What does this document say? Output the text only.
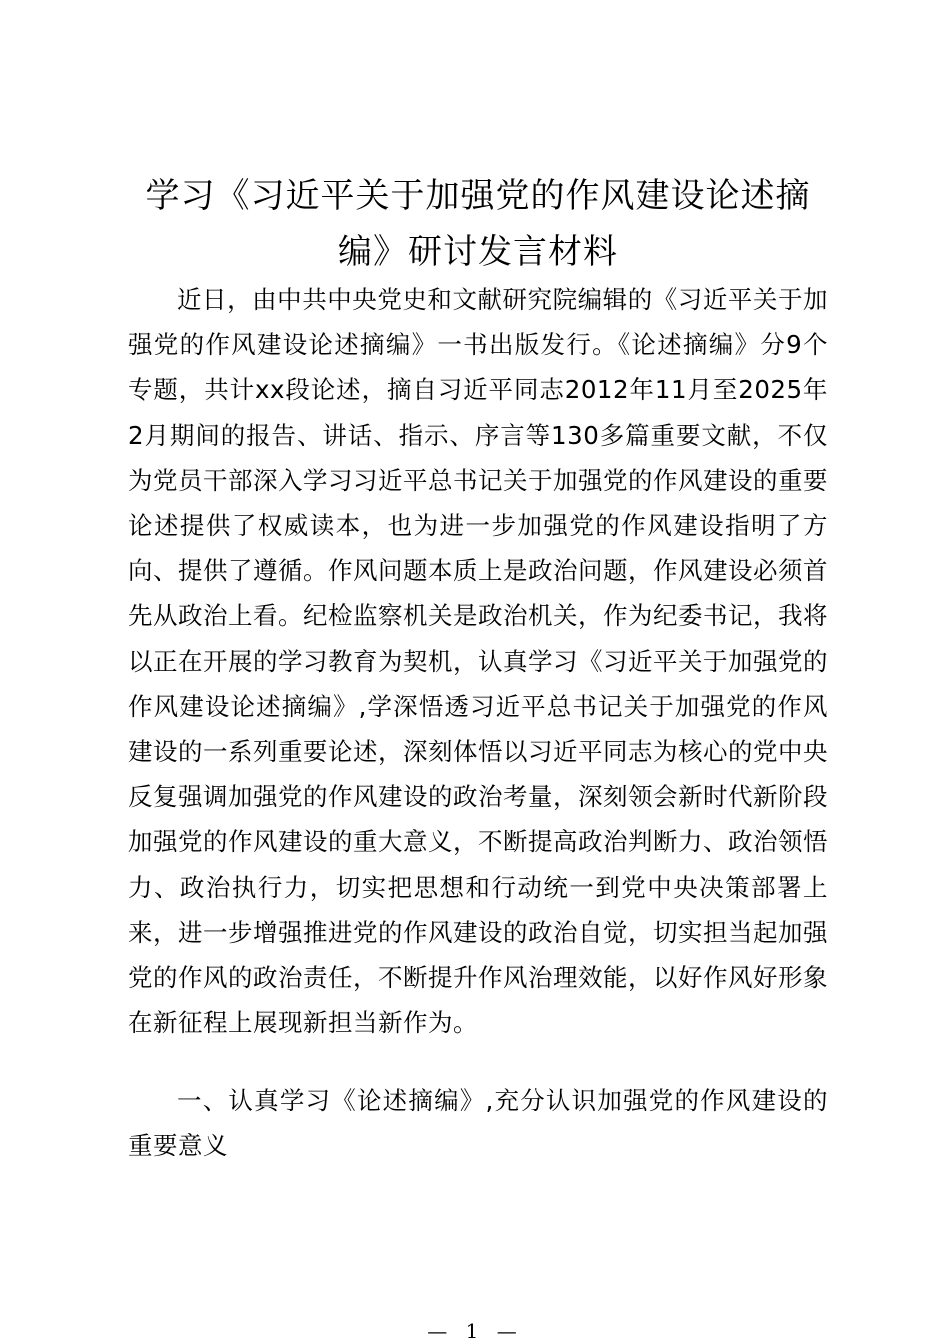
学习《习近平关于加强党的作风建设论述摘编》研讨发言材料

近日，由中共中央党史和文献研究院编辑的《习近平关于加强党的作风建设论述摘编》一书出版发行。《论述摘编》分9个专题，共计xx段论述，摘自习近平同志2012年11月至2025年2月期间的报告、讲话、指示、序言等130多篇重要文献，不仅为党员干部深入学习习近平总书记关于加强党的作风建设的重要论述提供了权威读本，也为进一步加强党的作风建设指明了方向、提供了遵循。作风问题本质上是政治问题，作风建设必须首先从政治上看。纪检监察机关是政治机关，作为纪委书记，我将以正在开展的学习教育为契机，认真学习《习近平关于加强党的作风建设论述摘编》,学深悟透习近平总书记关于加强党的作风建设的一系列重要论述，深刻体悟以习近平同志为核心的党中央反复强调加强党的作风建设的政治考量，深刻领会新时代新阶段加强党的作风建设的重大意义，不断提高政治判断力、政治领悟力、政治执行力，切实把思想和行动统一到党中央决策部署上来，进一步增强推进党的作风建设的政治自觉，切实担当起加强党的作风的政治责任，不断提升作风治理效能，以好作风好形象在新征程上展现新担当新作为。

一、认真学习《论述摘编》,充分认识加强党的作风建设的重要意义

— 1 —
